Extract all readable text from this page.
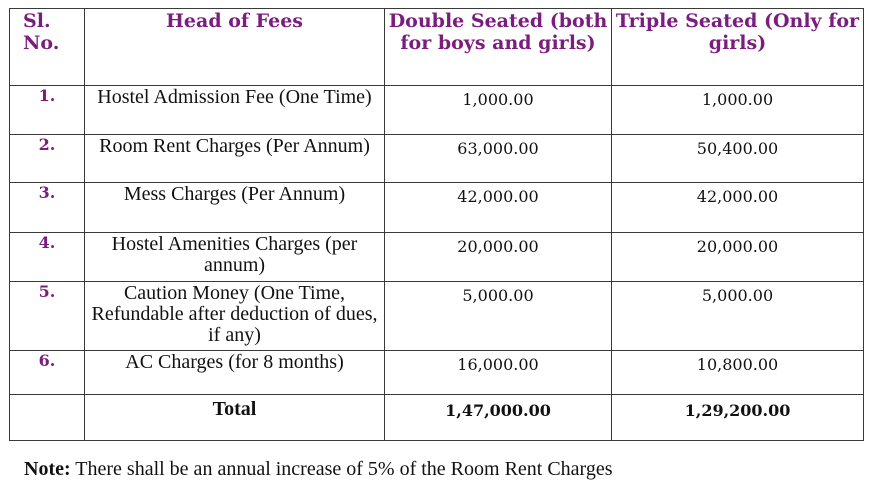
Sl. No.	Head of Fees	Double Seated (both for boys and girls)	Triple Seated (Only for girls)
1.	Hostel Admission Fee (One Time)	1,000.00	1,000.00
2.	Room Rent Charges (Per Annum)	63,000.00	50,400.00
3.	Mess Charges (Per Annum)	42,000.00	42,000.00
4.	Hostel Amenities Charges (per annum)	20,000.00	20,000.00
5.	Caution Money (One Time, Refundable after deduction of dues, if any)	5,000.00	5,000.00
6.	AC Charges (for 8 months)	16,000.00	10,800.00
	Total	1,47,000.00	1,29,200.00
Note: There shall be an annual increase of 5% of the Room Rent Charges
